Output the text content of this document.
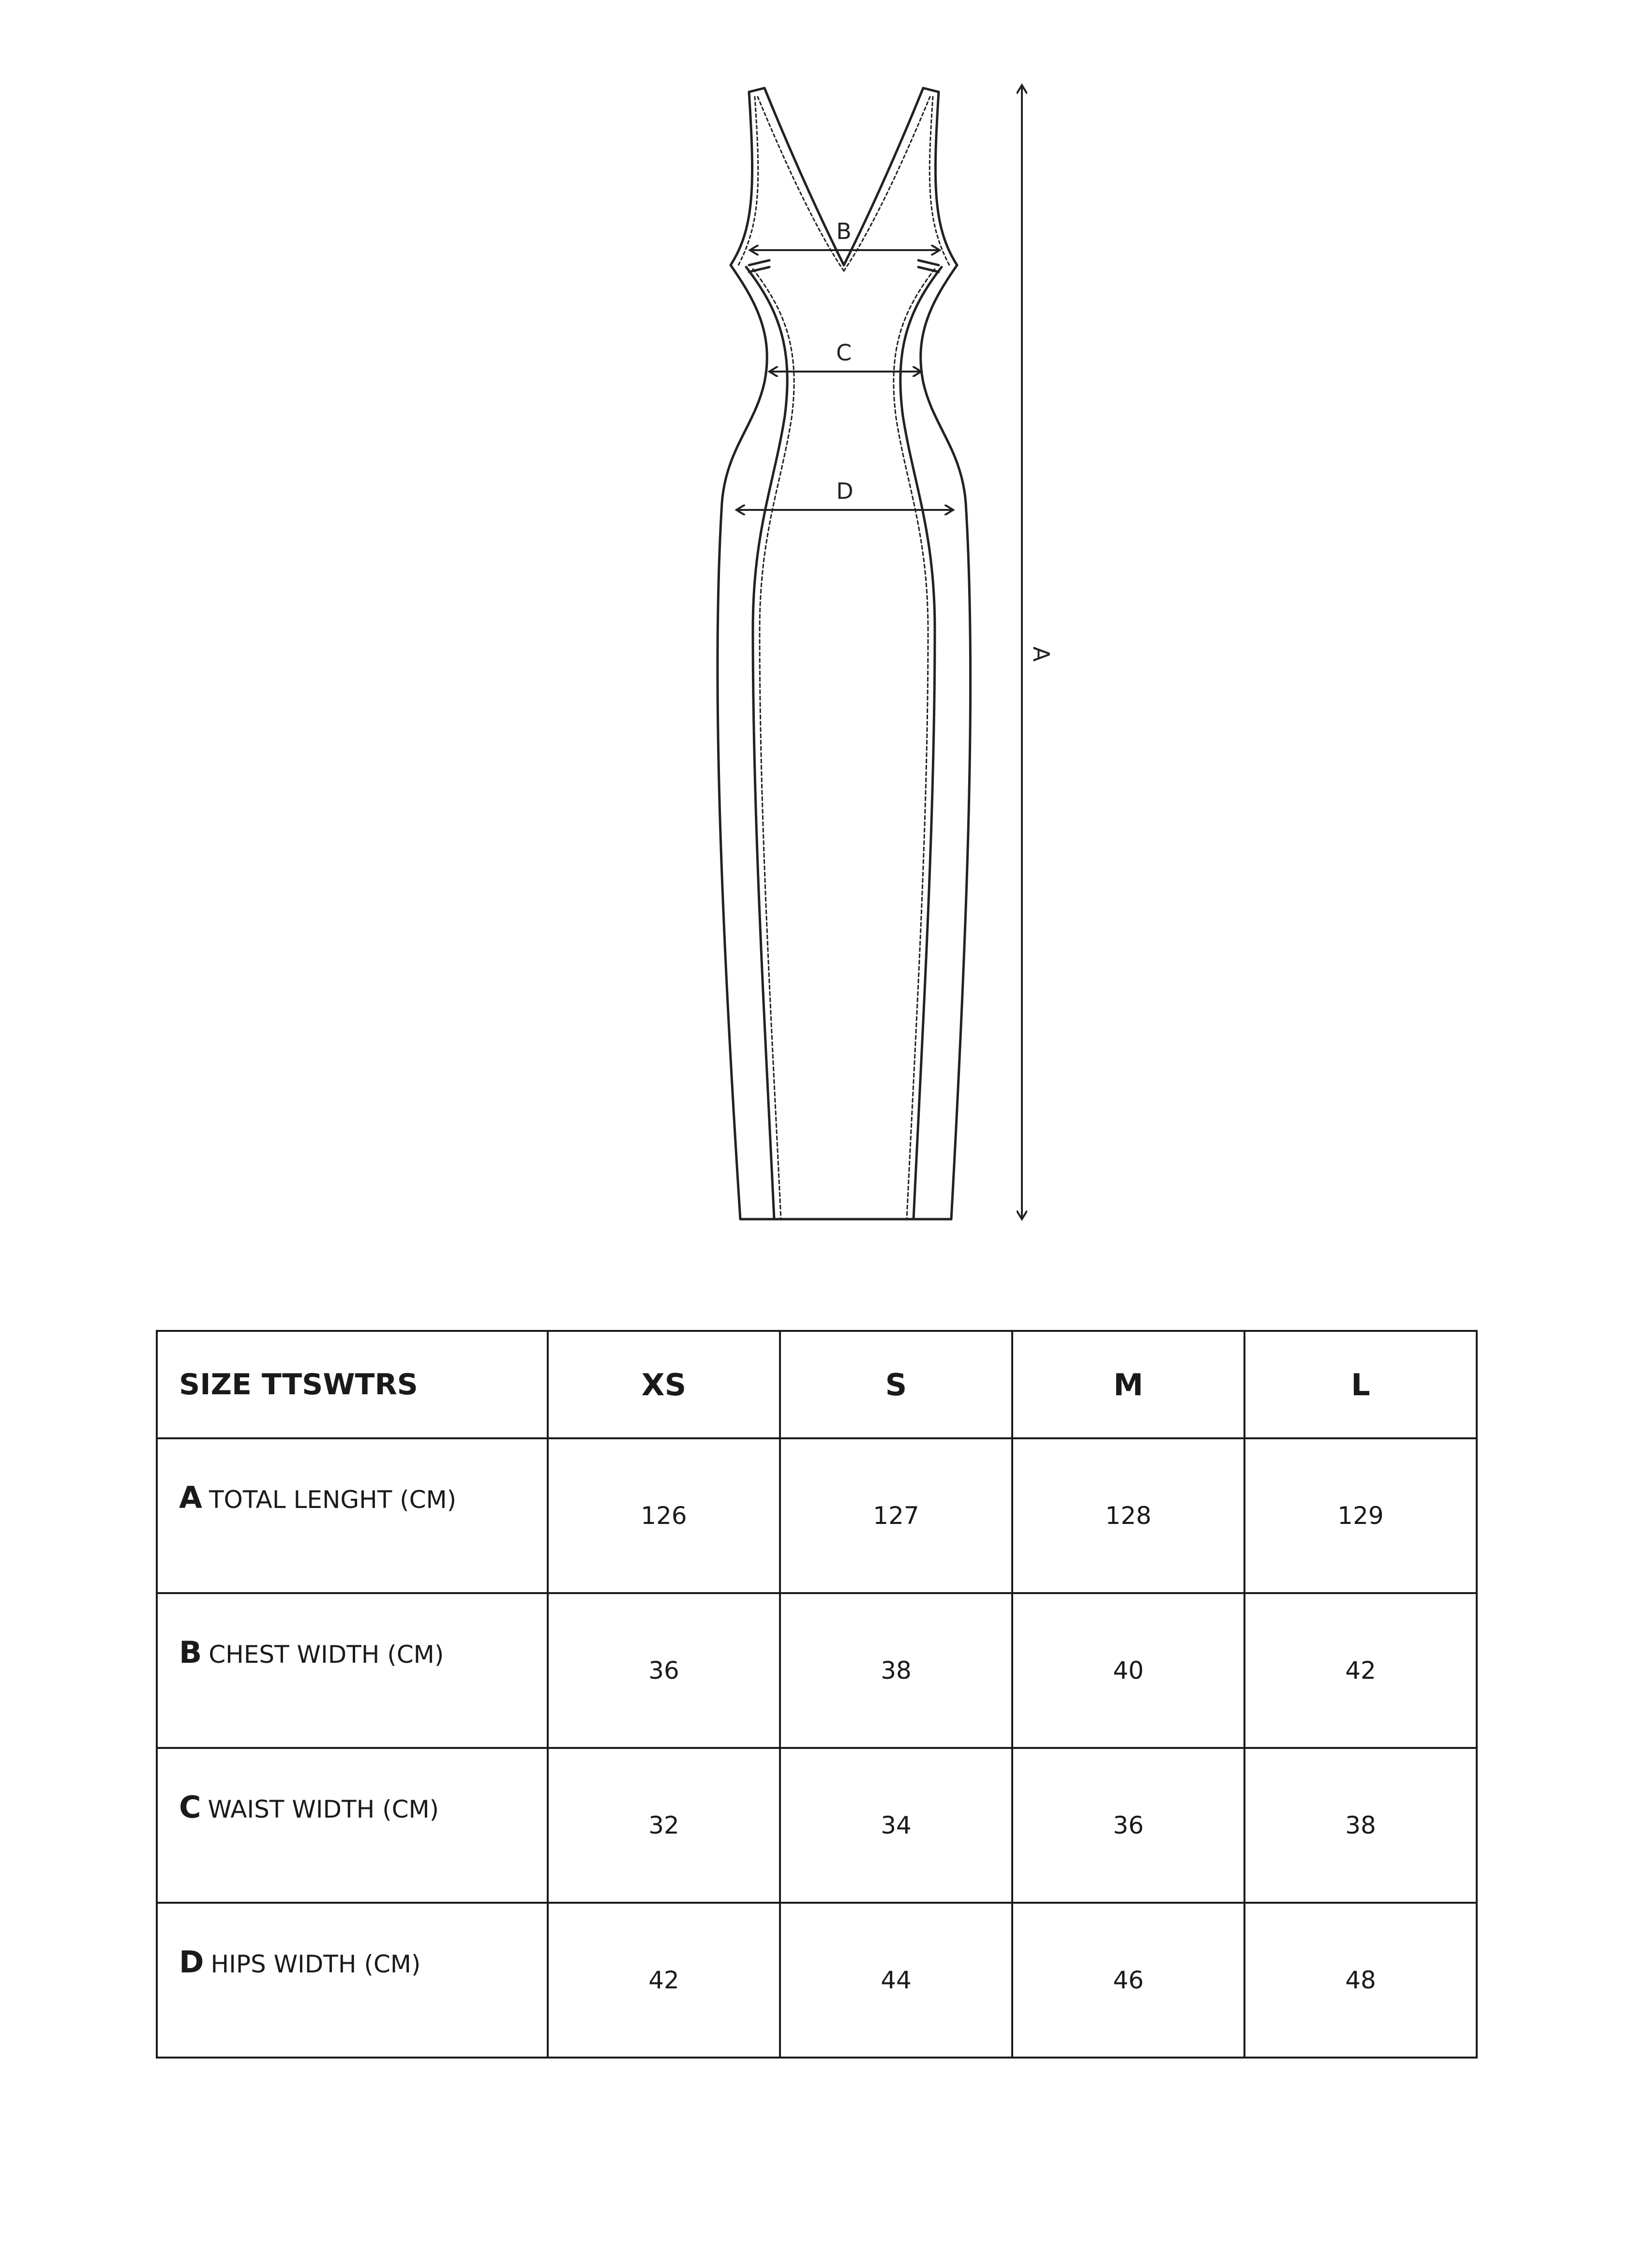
B
C
D
A
SIZE TTSWTRS	XS	S	M	L
A TOTAL LENGHT (CM)	126	127	128	129
B CHEST WIDTH (CM)	36	38	40	42
C WAIST WIDTH (CM)	32	34	36	38
D HIPS WIDTH (CM)	42	44	46	48
